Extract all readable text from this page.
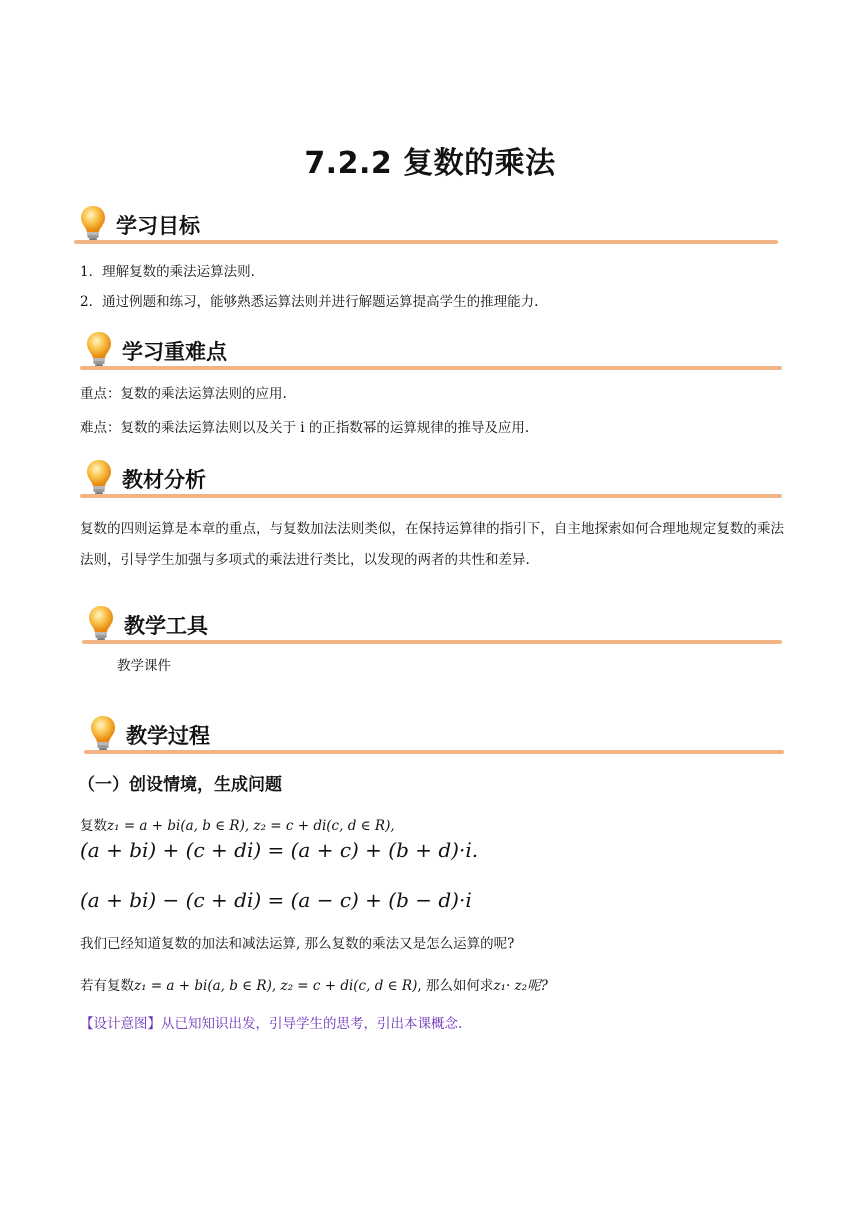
7.2.2 复数的乘法
学习目标
1．理解复数的乘法运算法则.
2．通过例题和练习，能够熟悉运算法则并进行解题运算提高学生的推理能力.
学习重难点
重点：复数的乘法运算法则的应用.
难点：复数的乘法运算法则以及关于 i 的正指数幂的运算规律的推导及应用.
教材分析
复数的四则运算是本章的重点，与复数加法法则类似，在保持运算律的指引下，自主地探索如何合理地规定复数的乘法法则，引导学生加强与多项式的乘法进行类比，以发现的两者的共性和差异.
教学工具
教学课件
教学过程
（一）创设情境，生成问题
复数z₁ = a + bi(a, b ∈ R), z₂ = c + di(c, d ∈ R),
(a + bi) + (c + di) = (a + c) + (b + d)·i.
(a + bi) − (c + di) = (a − c) + (b − d)·i
我们已经知道复数的加法和减法运算, 那么复数的乘法又是怎么运算的呢?
若有复数z₁ = a + bi(a, b ∈ R), z₂ = c + di(c, d ∈ R), 那么如何求z₁· z₂呢?
【设计意图】从已知知识出发，引导学生的思考，引出本课概念.
